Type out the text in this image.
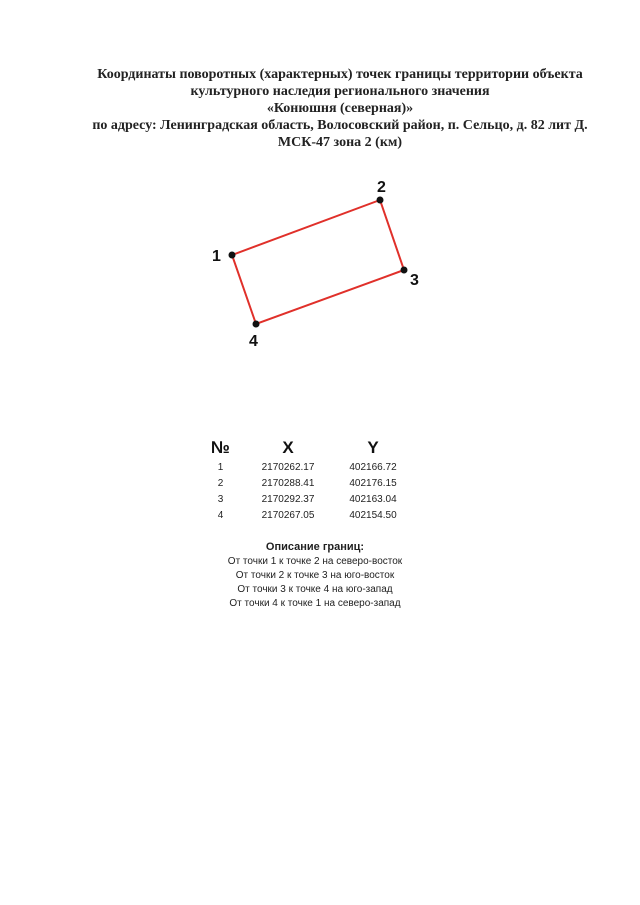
Координаты поворотных (характерных) точек границы территории объекта
культурного наследия регионального значения
«Конюшня (северная)»
по адресу: Ленинградская область, Волосовский район, п. Сельцо, д. 82 лит Д.
МСК-47 зона 2 (км)
1
2
3
4
№	X	Y
1	2170262.17	402166.72
2	2170288.41	402176.15
3	2170292.37	402163.04
4	2170267.05	402154.50
Описание границ:
От точки 1 к точке 2 на северо-восток
От точки 2 к точке 3 на юго-восток
От точки 3 к точке 4 на юго-запад
От точки 4 к точке 1 на северо-запад
